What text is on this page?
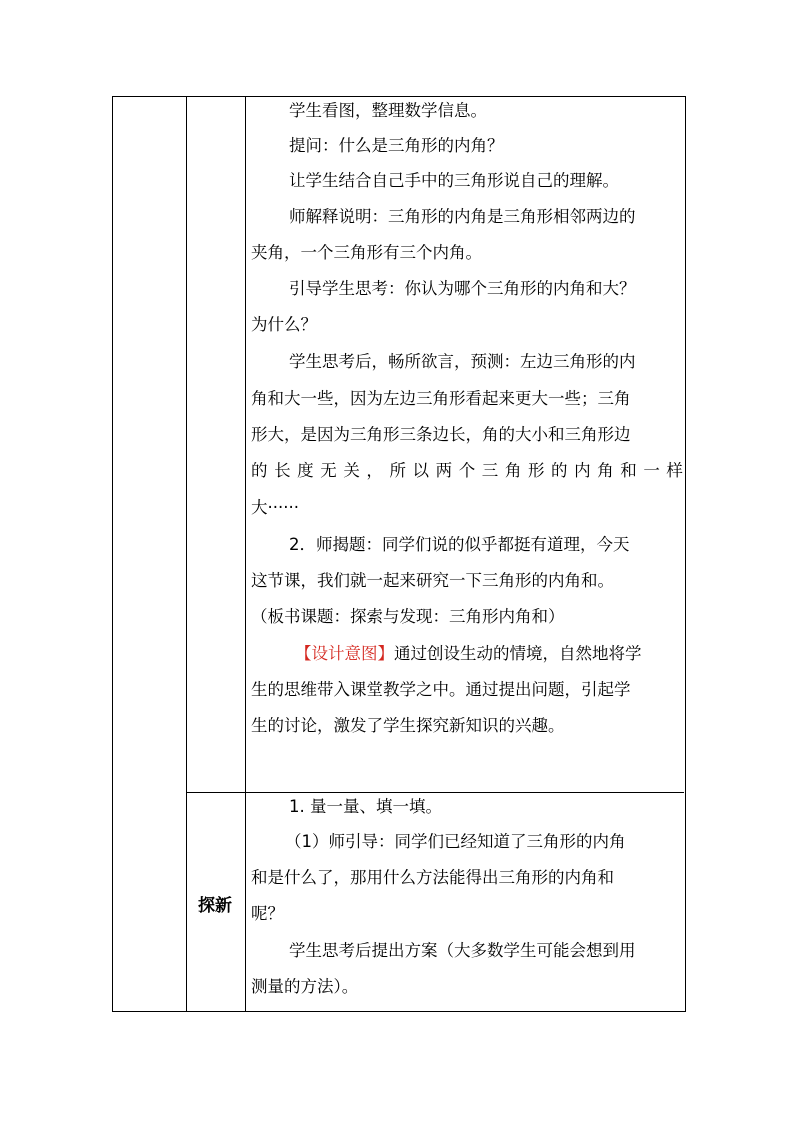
学生看图，整理数学信息。
提问：什么是三角形的内角？
让学生结合自己手中的三角形说自己的理解。
师解释说明：三角形的内角是三角形相邻两边的
夹角，一个三角形有三个内角。
引导学生思考：你认为哪个三角形的内角和大？
为什么？
学生思考后，畅所欲言，预测：左边三角形的内
角和大一些，因为左边三角形看起来更大一些；三角
形大，是因为三角形三条边长，角的大小和三角形边
的 长 度 无 关 ， 所 以 两 个 三 角 形 的 内 角 和 一 样
大······
2．师揭题：同学们说的似乎都挺有道理，今天
这节课，我们就一起来研究一下三角形的内角和。
（板书课题：探索与发现：三角形内角和）
【设计意图】通过创设生动的情境，自然地将学
生的思维带入课堂教学之中。通过提出问题，引起学
生的讨论，激发了学生探究新知识的兴趣。
探新
1. 量一量、填一填。
（1）师引导：同学们已经知道了三角形的内角
和是什么了，那用什么方法能得出三角形的内角和
呢？
学生思考后提出方案（大多数学生可能会想到用
测量的方法）。
